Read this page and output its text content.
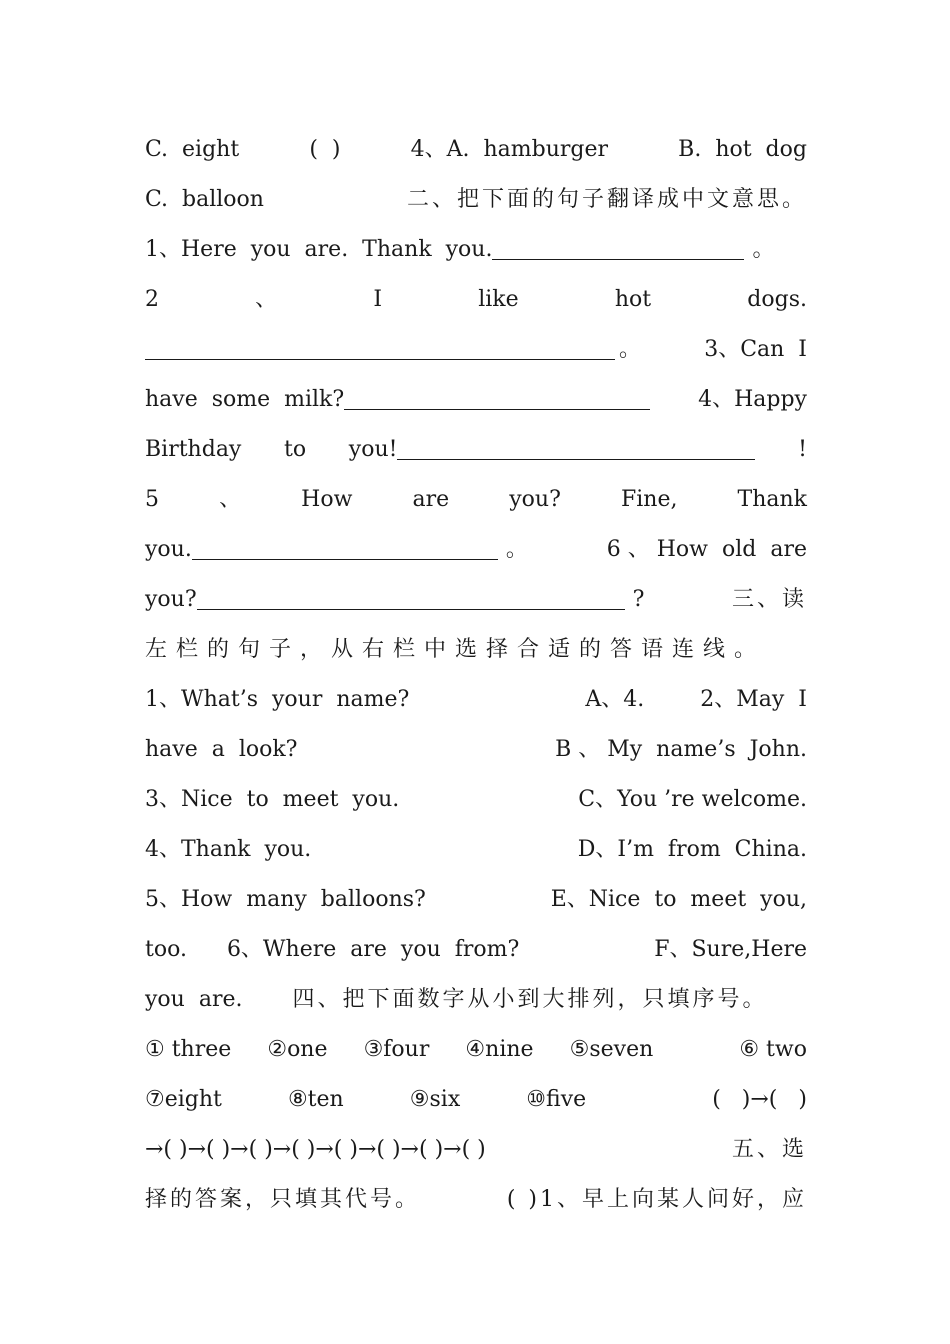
C.  eight	(  )	4、A.  hamburger	B.  hot  dog
C.  balloon	二、把下面的句子翻译成中文意思。
1、Here  you  are.  Thank  you.	。
2	、	I	like	hot	dogs.
。	3、Can  I
have  some  milk?	4、Happy
Birthday to you!	!
5	、	How	are	you?	Fine,	Thank
you.	。	6 、 How  old  are
you?	?	三、读
左栏的句子，从右栏中选择合适的答语连线。
1、What’s  your  name?	A、4.	2、May  I
have  a  look?	B 、 My  name’s  John.
3、Nice  to  meet  you.	C、You ’re welcome.
4、Thank  you.	D、I’m  from  China.
5、How  many  balloons?	E、Nice  to  meet  you,
too. 6、Where  are  you  from?	F、Sure,Here
you  are. 四、把下面数字从小到大排列，只填序号。
① three ②one ③four ④nine ⑤seven	⑥ two
⑦eight	⑧ten	⑨six	⑩five	(   )→(   )
→( )→( )→( )→( )→( )→( )→( )→( )	五、选
择的答案，只填其代号。	( )1、早上向某人问好，应
